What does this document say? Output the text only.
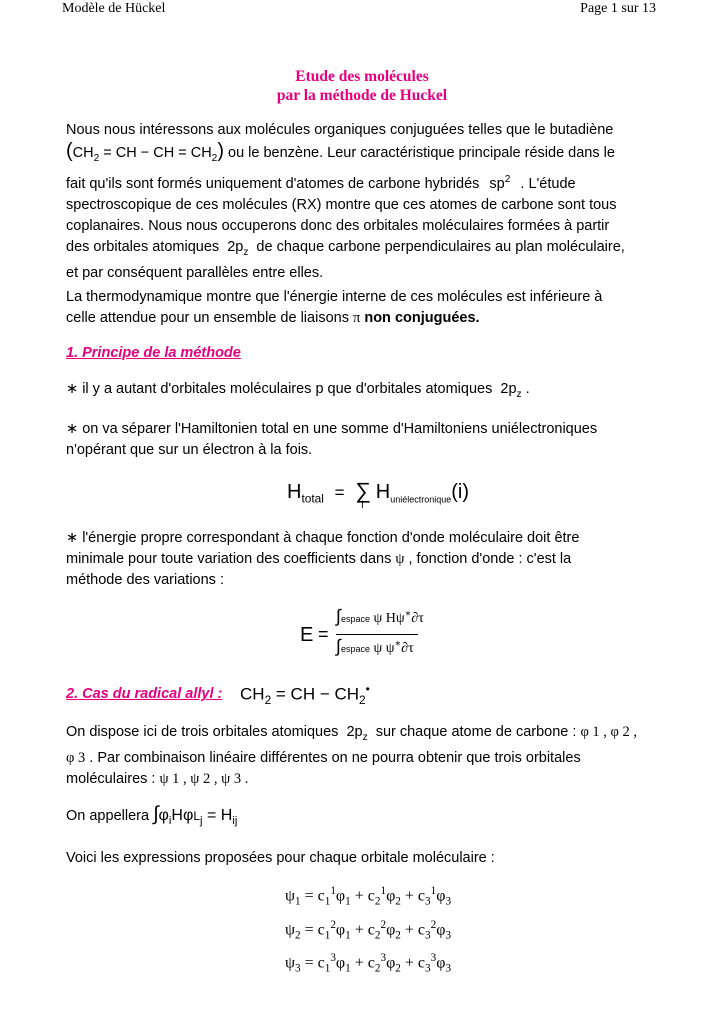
Modèle de Hückel	Page 1 sur 13
Etude des molécules
par la méthode de Huckel
Nous nous intéressons aux molécules organiques conjuguées telles que le butadiène
($CH_2$ = CH − CH = $CH_2$) ou le benzène. Leur caractéristique principale réside dans le
fait qu'ils sont formés uniquement d'atomes de carbone hybridés $sp^2$ . L'étude
spectroscopique de ces molécules (RX) montre que ces atomes de carbone sont tous
coplanaires. Nous nous occuperons donc des orbitales moléculaires formées à partir
des orbitales atomiques $2p_z$ de chaque carbone perpendiculaires au plan moléculaire,
et par conséquent parallèles entre elles.
La thermodynamique montre que l'énergie interne de ces molécules est inférieure à
celle attendue pour un ensemble de liaisons π non conjuguées.
1. Principe de la méthode
∗ il y a autant d'orbitales moléculaires p que d'orbitales atomiques $2p_z$ .
∗ on va séparer l'Hamiltonien total en une somme d'Hamiltoniens uniélectroniques
n'opérant que sur un électron à la fois.
$H_{total}$ = ∑
i
$H_{uniélectronique}(i)$
∗ l'énergie propre correspondant à chaque fonction d'onde moléculaire doit être
minimale pour toute variation des coefficients dans ψ , fonction d'onde : c'est la
méthode des variations :
E =
∫espace ψ Hψ∗∂τ
∫espace ψ ψ∗∂τ
2. Cas du radical allyl : $CH_2$ = CH − $CH_2^•$
On dispose ici de trois orbitales atomiques $2p_z$ sur chaque atome de carbone : φ 1 , φ 2 ,
φ 3 . Par combinaison linéaire différentes on ne pourra obtenir que trois orbitales
moléculaires : ψ 1 , ψ 2 , ψ 3 .
On appellera $\int\varphi_iH\varphi L_j = H_{ij}$
Voici les expressions proposées pour chaque orbitale moléculaire :
$\psi_1 = c_1^1\varphi_1 + c_2^1\varphi_2 + c_3^1\varphi_3$
$\psi_2 = c_1^2\varphi_1 + c_2^2\varphi_2 + c_3^2\varphi_3$
$\psi_3 = c_1^3\varphi_1 + c_2^3\varphi_2 + c_3^3\varphi_3$
